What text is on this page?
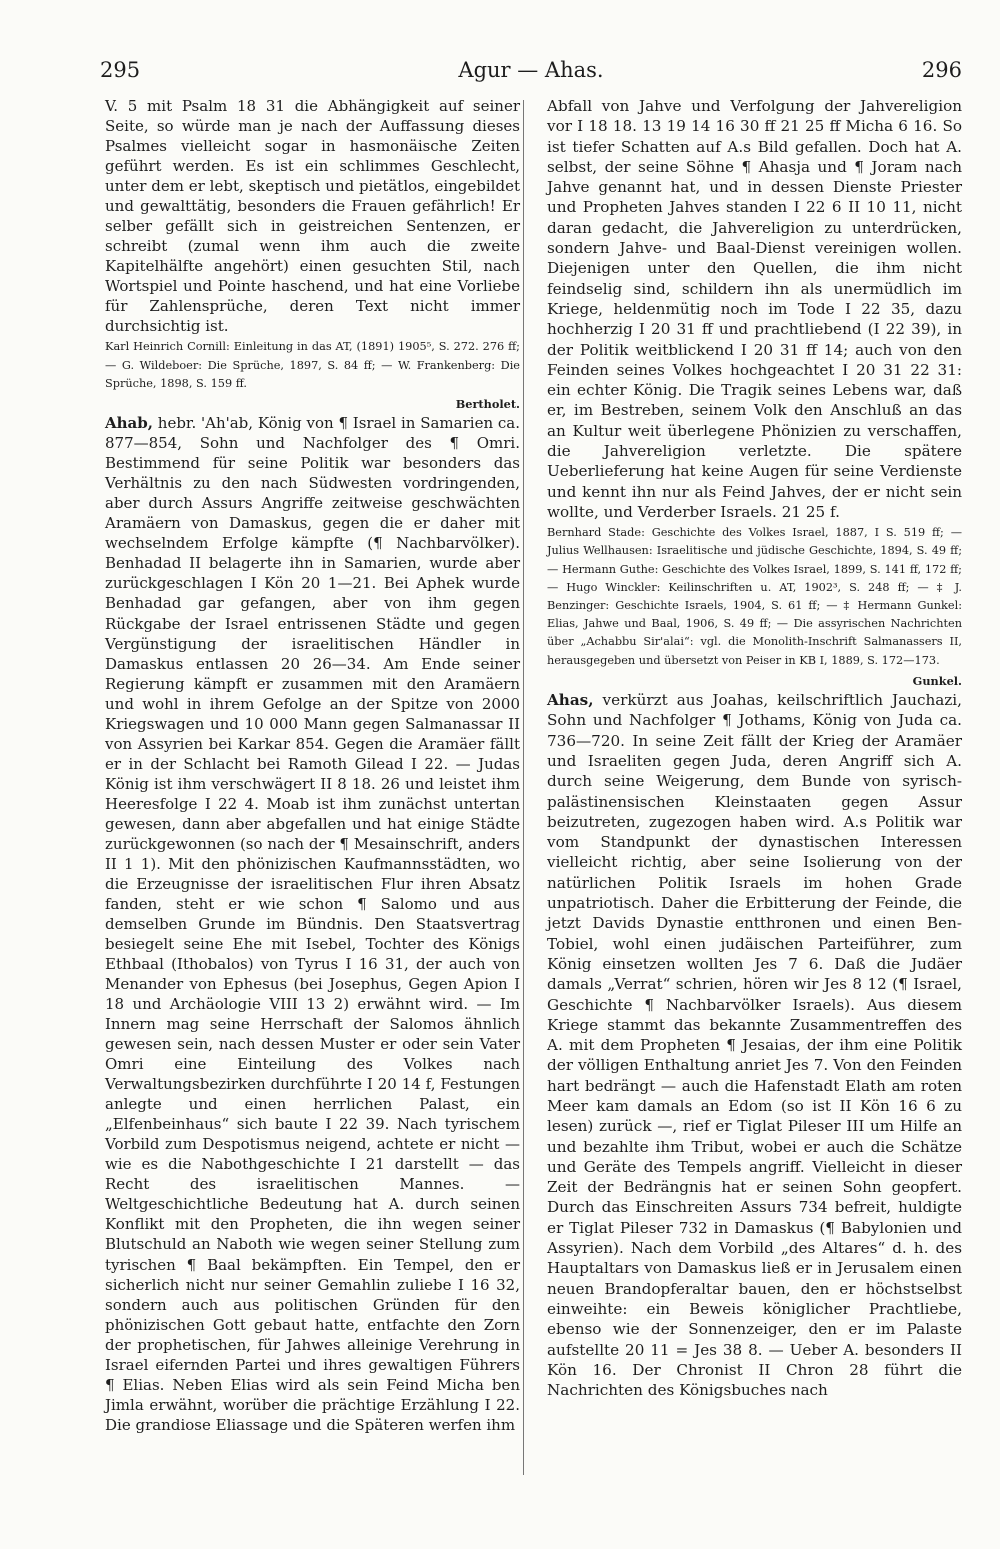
295	Agur — Ahas.	296

V. 5 mit Psalm 18 31 die Abhängigkeit auf seiner Seite, so würde man je nach der Auffassung dieses Psalmes vielleicht sogar in hasmonäische Zeiten geführt werden. Es ist ein schlimmes Geschlecht, unter dem er lebt, skeptisch und pietätlos, eingebildet und gewalttätig, besonders die Frauen gefährlich! Er selber gefällt sich in geistreichen Sentenzen, er schreibt (zumal wenn ihm auch die zweite Kapitelhälfte angehört) einen gesuchten Stil, nach Wortspiel und Pointe haschend, und hat eine Vorliebe für Zahlensprüche, deren Text nicht immer durchsichtig ist.

Karl Heinrich Cornill: Einleitung in das AT, (1891) 1905⁵, S. 272. 276 ff; — G. Wildeboer: Die Sprüche, 1897, S. 84 ff; — W. Frankenberg: Die Sprüche, 1898, S. 159 ff.

Bertholet.

Ahab, hebr. 'Ah'ab, König von ¶ Israel in Samarien ca. 877—854, Sohn und Nachfolger des ¶ Omri. Bestimmend für seine Politik war besonders das Verhältnis zu den nach Südwesten vordringenden, aber durch Assurs Angriffe zeitweise geschwächten Aramäern von Damaskus, gegen die er daher mit wechselndem Erfolge kämpfte (¶ Nachbarvölker). Benhadad II belagerte ihn in Samarien, wurde aber zurückgeschlagen I Kön 20 1—21. Bei Aphek wurde Benhadad gar gefangen, aber von ihm gegen Rückgabe der Israel entrissenen Städte und gegen Vergünstigung der israelitischen Händler in Damaskus entlassen 20 26—34. Am Ende seiner Regierung kämpft er zusammen mit den Aramäern und wohl in ihrem Gefolge an der Spitze von 2000 Kriegswagen und 10 000 Mann gegen Salmanassar II von Assyrien bei Karkar 854. Gegen die Aramäer fällt er in der Schlacht bei Ramoth Gilead I 22. — Judas König ist ihm verschwägert II 8 18. 26 und leistet ihm Heeresfolge I 22 4. Moab ist ihm zunächst untertan gewesen, dann aber abgefallen und hat einige Städte zurückgewonnen (so nach der ¶ Mesainschrift, anders II 1 1). Mit den phönizischen Kaufmannsstädten, wo die Erzeugnisse der israelitischen Flur ihren Absatz fanden, steht er wie schon ¶ Salomo und aus demselben Grunde im Bündnis. Den Staatsvertrag besiegelt seine Ehe mit Isebel, Tochter des Königs Ethbaal (Ithobalos) von Tyrus I 16 31, der auch von Menander von Ephesus (bei Josephus, Gegen Apion I 18 und Archäologie VIII 13 2) erwähnt wird. — Im Innern mag seine Herrschaft der Salomos ähnlich gewesen sein, nach dessen Muster er oder sein Vater Omri eine Einteilung des Volkes nach Verwaltungsbezirken durchführte I 20 14 f, Festungen anlegte und einen herrlichen Palast, ein „Elfenbeinhaus“ sich baute I 22 39. Nach tyrischem Vorbild zum Despotismus neigend, achtete er nicht — wie es die Nabothgeschichte I 21 darstellt — das Recht des israelitischen Mannes. — Weltgeschichtliche Bedeutung hat A. durch seinen Konflikt mit den Propheten, die ihn wegen seiner Blutschuld an Naboth wie wegen seiner Stellung zum tyrischen ¶ Baal bekämpften. Ein Tempel, den er sicherlich nicht nur seiner Gemahlin zuliebe I 16 32, sondern auch aus politischen Gründen für den phönizischen Gott gebaut hatte, entfachte den Zorn der prophetischen, für Jahwes alleinige Verehrung in Israel eifernden Partei und ihres gewaltigen Führers ¶ Elias. Neben Elias wird als sein Feind Micha ben Jimla erwähnt, worüber die prächtige Erzählung I 22. Die grandiose Eliassage und die Späteren werfen ihm

Abfall von Jahve und Verfolgung der Jahvereligion vor I 18 18. 13 19 14 16 30 ff 21 25 ff Micha 6 16. So ist tiefer Schatten auf A.s Bild gefallen. Doch hat A. selbst, der seine Söhne ¶ Ahasja und ¶ Joram nach Jahve genannt hat, und in dessen Dienste Priester und Propheten Jahves standen I 22 6 II 10 11, nicht daran gedacht, die Jahvereligion zu unterdrücken, sondern Jahve- und Baal-Dienst vereinigen wollen. Diejenigen unter den Quellen, die ihm nicht feindselig sind, schildern ihn als unermüdlich im Kriege, heldenmütig noch im Tode I 22 35, dazu hochherzig I 20 31 ff und prachtliebend (I 22 39), in der Politik weitblickend I 20 31 ff 14; auch von den Feinden seines Volkes hochgeachtet I 20 31 22 31: ein echter König. Die Tragik seines Lebens war, daß er, im Bestreben, seinem Volk den Anschluß an das an Kultur weit überlegene Phönizien zu verschaffen, die Jahvereligion verletzte. Die spätere Ueberlieferung hat keine Augen für seine Verdienste und kennt ihn nur als Feind Jahves, der er nicht sein wollte, und Verderber Israels. 21 25 f.

Bernhard Stade: Geschichte des Volkes Israel, 1887, I S. 519 ff; — Julius Wellhausen: Israelitische und jüdische Geschichte, 1894, S. 49 ff; — Hermann Guthe: Geschichte des Volkes Israel, 1899, S. 141 ff, 172 ff; — Hugo Winckler: Keilinschriften u. AT, 1902³, S. 248 ff; — ‡ J. Benzinger: Geschichte Israels, 1904, S. 61 ff; — ‡ Hermann Gunkel: Elias, Jahwe und Baal, 1906, S. 49 ff; — Die assyrischen Nachrichten über „Achabbu Sir'alai“: vgl. die Monolith-Inschrift Salmanassers II, herausgegeben und übersetzt von Peiser in KB I, 1889, S. 172—173.

Gunkel.

Ahas, verkürzt aus Joahas, keilschriftlich Jauchazi, Sohn und Nachfolger ¶ Jothams, König von Juda ca. 736—720. In seine Zeit fällt der Krieg der Aramäer und Israeliten gegen Juda, deren Angriff sich A. durch seine Weigerung, dem Bunde von syrisch-palästinensischen Kleinstaaten gegen Assur beizutreten, zugezogen haben wird. A.s Politik war vom Standpunkt der dynastischen Interessen vielleicht richtig, aber seine Isolierung von der natürlichen Politik Israels im hohen Grade unpatriotisch. Daher die Erbitterung der Feinde, die jetzt Davids Dynastie entthronen und einen Ben-Tobiel, wohl einen judäischen Parteiführer, zum König einsetzen wollten Jes 7 6. Daß die Judäer damals „Verrat“ schrien, hören wir Jes 8 12 (¶ Israel, Geschichte ¶ Nachbarvölker Israels). Aus diesem Kriege stammt das bekannte Zusammentreffen des A. mit dem Propheten ¶ Jesaias, der ihm eine Politik der völligen Enthaltung anriet Jes 7. Von den Feinden hart bedrängt — auch die Hafenstadt Elath am roten Meer kam damals an Edom (so ist II Kön 16 6 zu lesen) zurück —, rief er Tiglat Pileser III um Hilfe an und bezahlte ihm Tribut, wobei er auch die Schätze und Geräte des Tempels angriff. Vielleicht in dieser Zeit der Bedrängnis hat er seinen Sohn geopfert. Durch das Einschreiten Assurs 734 befreit, huldigte er Tiglat Pileser 732 in Damaskus (¶ Babylonien und Assyrien). Nach dem Vorbild „des Altares“ d. h. des Hauptaltars von Damaskus ließ er in Jerusalem einen neuen Brandopferaltar bauen, den er höchstselbst einweihte: ein Beweis königlicher Prachtliebe, ebenso wie der Sonnenzeiger, den er im Palaste aufstellte 20 11 = Jes 38 8. — Ueber A. besonders II Kön 16. Der Chronist II Chron 28 führt die Nachrichten des Königsbuches nach
